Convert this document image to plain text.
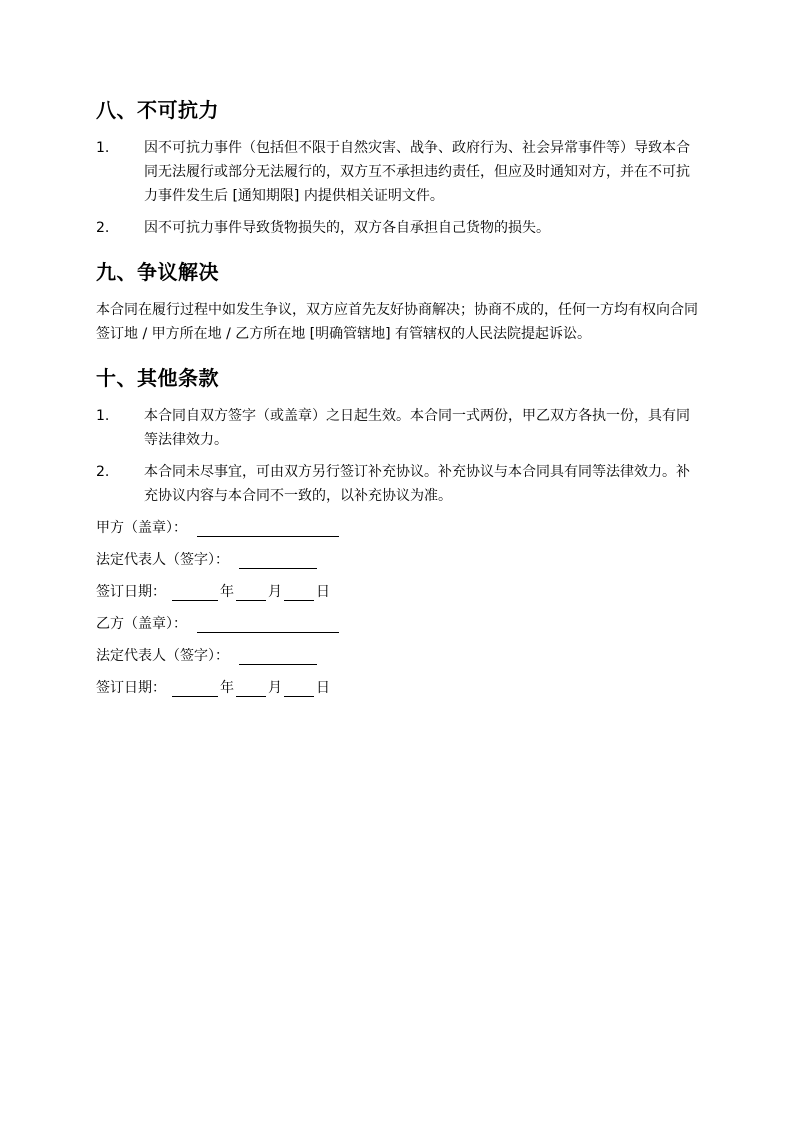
八、不可抗力
1.	因不可抗力事件（包括但不限于自然灾害、战争、政府行为、社会异常事件等）导致本合同无法履行或部分无法履行的，双方互不承担违约责任，但应及时通知对方，并在不可抗力事件发生后 [通知期限] 内提供相关证明文件。
2.	因不可抗力事件导致货物损失的，双方各自承担自己货物的损失。
九、争议解决

本合同在履行过程中如发生争议，双方应首先友好协商解决；协商不成的，任何一方均有权向合同签订地 / 甲方所在地 / 乙方所在地 [明确管辖地] 有管辖权的人民法院提起诉讼。

十、其他条款
1.	本合同自双方签字（或盖章）之日起生效。本合同一式两份，甲乙双方各执一份，具有同等法律效力。
2.	本合同未尽事宜，可由双方另行签订补充协议。补充协议与本合同具有同等法律效力。补充协议内容与本合同不一致的，以补充协议为准。
甲方（盖章）：
法定代表人（签字）：
签订日期：	年 月 日
乙方（盖章）：
法定代表人（签字）：
签订日期：	年 月 日
